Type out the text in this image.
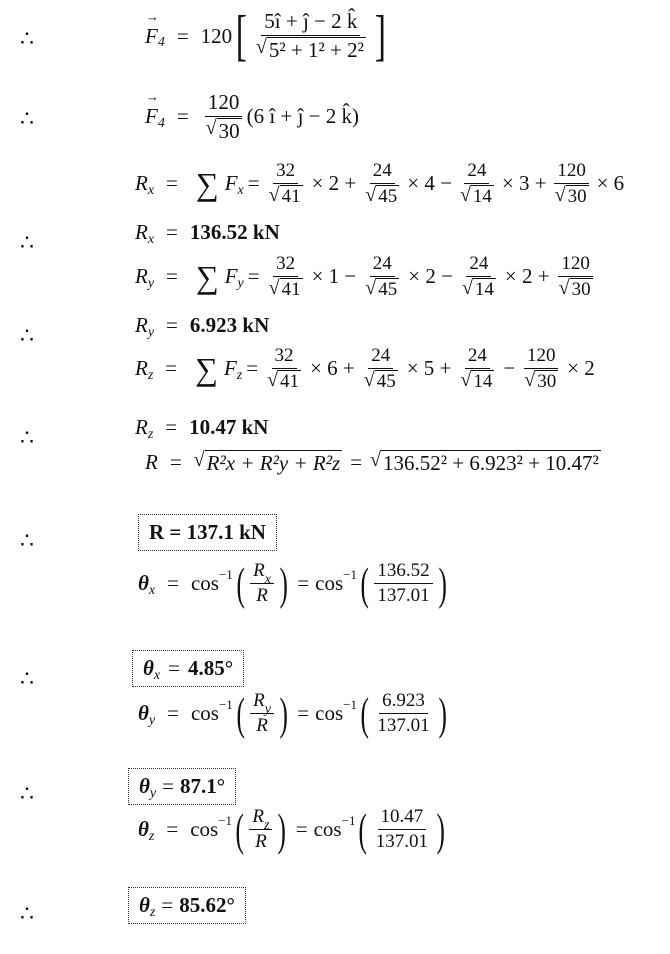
∴	F → 4 = 120 [ $\frac{5î + ĵ - 2 k̂}{\text{√ 5² + 1² + 2²}}$ ]
∴	$F \to 4 = \frac{120}{√ 30} (6$ î + ĵ − 2 k̂)
R x = ∑ F $x = \frac{32}{√ 41} \times 2 + \frac{24}{√ 45} \times 4 - \frac{24}{√ 14} \times 3 + \frac{120}{√ 30} \times 6$
∴	R x = 136.52 kN
R y = ∑ F $y = \frac{32}{√ 41} \times 1 - \frac{24}{√ 45} \times 2 - \frac{24}{√ 14} \times 2 + \frac{120}{√ 30}$
∴	R y = 6.923 kN
R z = ∑ F $z = \frac{32}{√ 41} \times 6 + \frac{24}{√ 45} \times 5 + \frac{24}{√ 14} - \frac{120}{√ 30} \times 2$
∴	R z = 10.47 kN
R = √ R²x + R²y + R²z = √ 136.52² + 6.923² + 10.47²
∴	R = 137.1 kN
θ x = cos −1 ( $\frac{R_x}{R}$ ) = cos −1 ( $\frac{136.52}{137.01}$ )
∴	θ x = 4.85°
θ y = cos −1 ( $\frac{R_y}{R}$ ) = cos −1 ( $\frac{6.923}{137.01}$ )
∴	θ y = 87.1°
θ z = cos −1 ( $\frac{R_z}{R}$ ) = cos −1 ( $\frac{10.47}{137.01}$ )
∴	θ z = 85.62°
